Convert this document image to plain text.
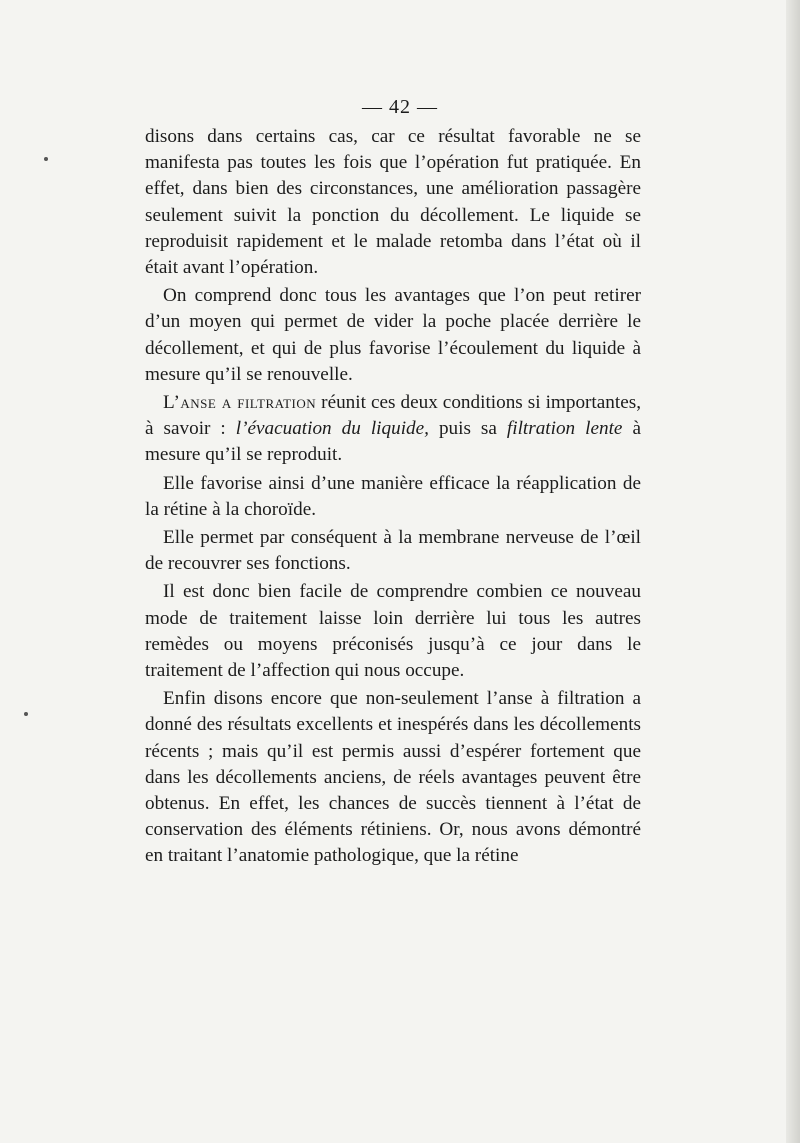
— 42 —

disons dans certains cas, car ce résultat favorable ne se manifesta pas toutes les fois que l’opération fut pratiquée. En effet, dans bien des circonstances, une amélioration passagère seulement suivit la ponction du décollement. Le liquide se reproduisit rapidement et le malade retomba dans l’état où il était avant l’opération.

On comprend donc tous les avantages que l’on peut retirer d’un moyen qui permet de vider la poche placée derrière le décollement, et qui de plus favorise l’écoulement du liquide à mesure qu’il se renouvelle.

L’anse a filtration réunit ces deux conditions si importantes, à savoir : l’évacuation du liquide, puis sa filtration lente à mesure qu’il se reproduit.

Elle favorise ainsi d’une manière efficace la réapplication de la rétine à la choroïde.

Elle permet par conséquent à la membrane nerveuse de l’œil de recouvrer ses fonctions.

Il est donc bien facile de comprendre combien ce nouveau mode de traitement laisse loin derrière lui tous les autres remèdes ou moyens préconisés jusqu’à ce jour dans le traitement de l’affection qui nous occupe.

Enfin disons encore que non-seulement l’anse à filtration a donné des résultats excellents et inespérés dans les décollements récents ; mais qu’il est permis aussi d’espérer fortement que dans les décollements anciens, de réels avantages peuvent être obtenus. En effet, les chances de succès tiennent à l’état de conservation des éléments rétiniens. Or, nous avons démontré en traitant l’anatomie pathologique, que la rétine
